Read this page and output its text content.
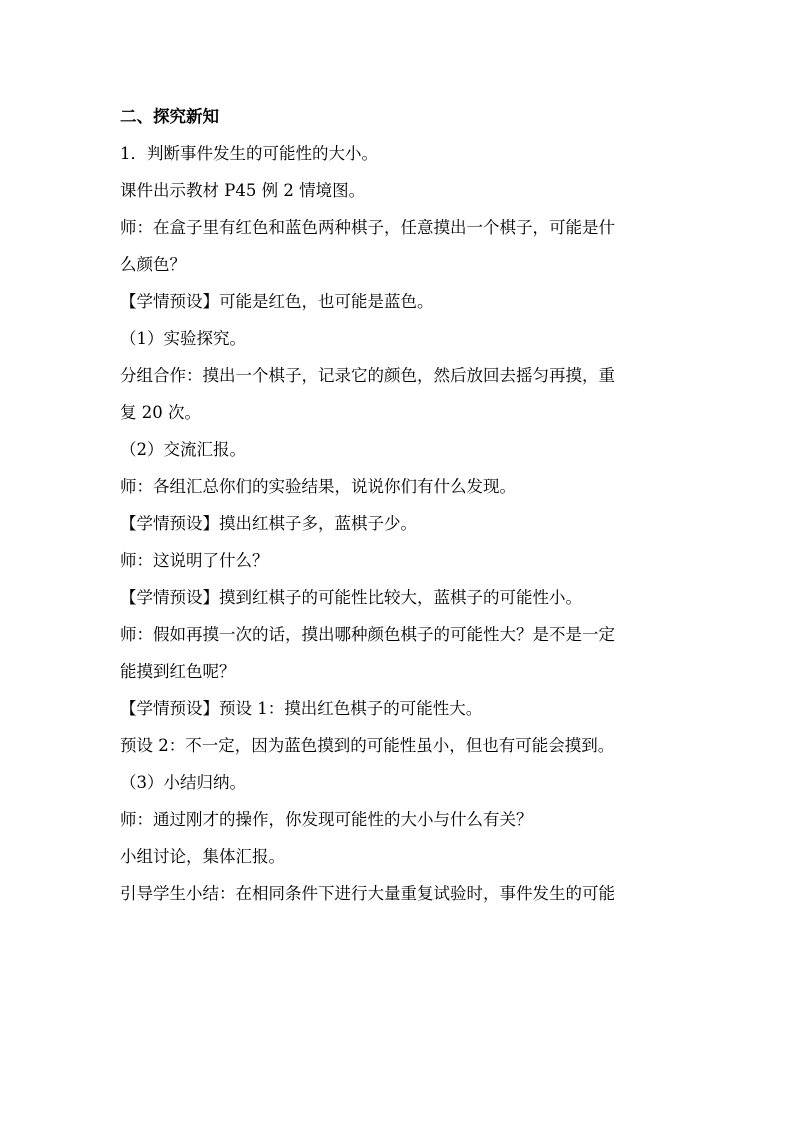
二、探究新知

1．判断事件发生的可能性的大小。

课件出示教材 P45 例 2 情境图。

师：在盒子里有红色和蓝色两种棋子，任意摸出一个棋子，可能是什

么颜色？

【学情预设】可能是红色，也可能是蓝色。

（1）实验探究。

分组合作：摸出一个棋子，记录它的颜色，然后放回去摇匀再摸，重

复 20 次。

（2）交流汇报。

师：各组汇总你们的实验结果，说说你们有什么发现。

【学情预设】摸出红棋子多，蓝棋子少。

师：这说明了什么？

【学情预设】摸到红棋子的可能性比较大，蓝棋子的可能性小。

师：假如再摸一次的话，摸出哪种颜色棋子的可能性大？是不是一定

能摸到红色呢？

【学情预设】预设 1：摸出红色棋子的可能性大。

预设 2：不一定，因为蓝色摸到的可能性虽小，但也有可能会摸到。

（3）小结归纳。

师：通过刚才的操作，你发现可能性的大小与什么有关？

小组讨论，集体汇报。

引导学生小结：在相同条件下进行大量重复试验时，事件发生的可能
